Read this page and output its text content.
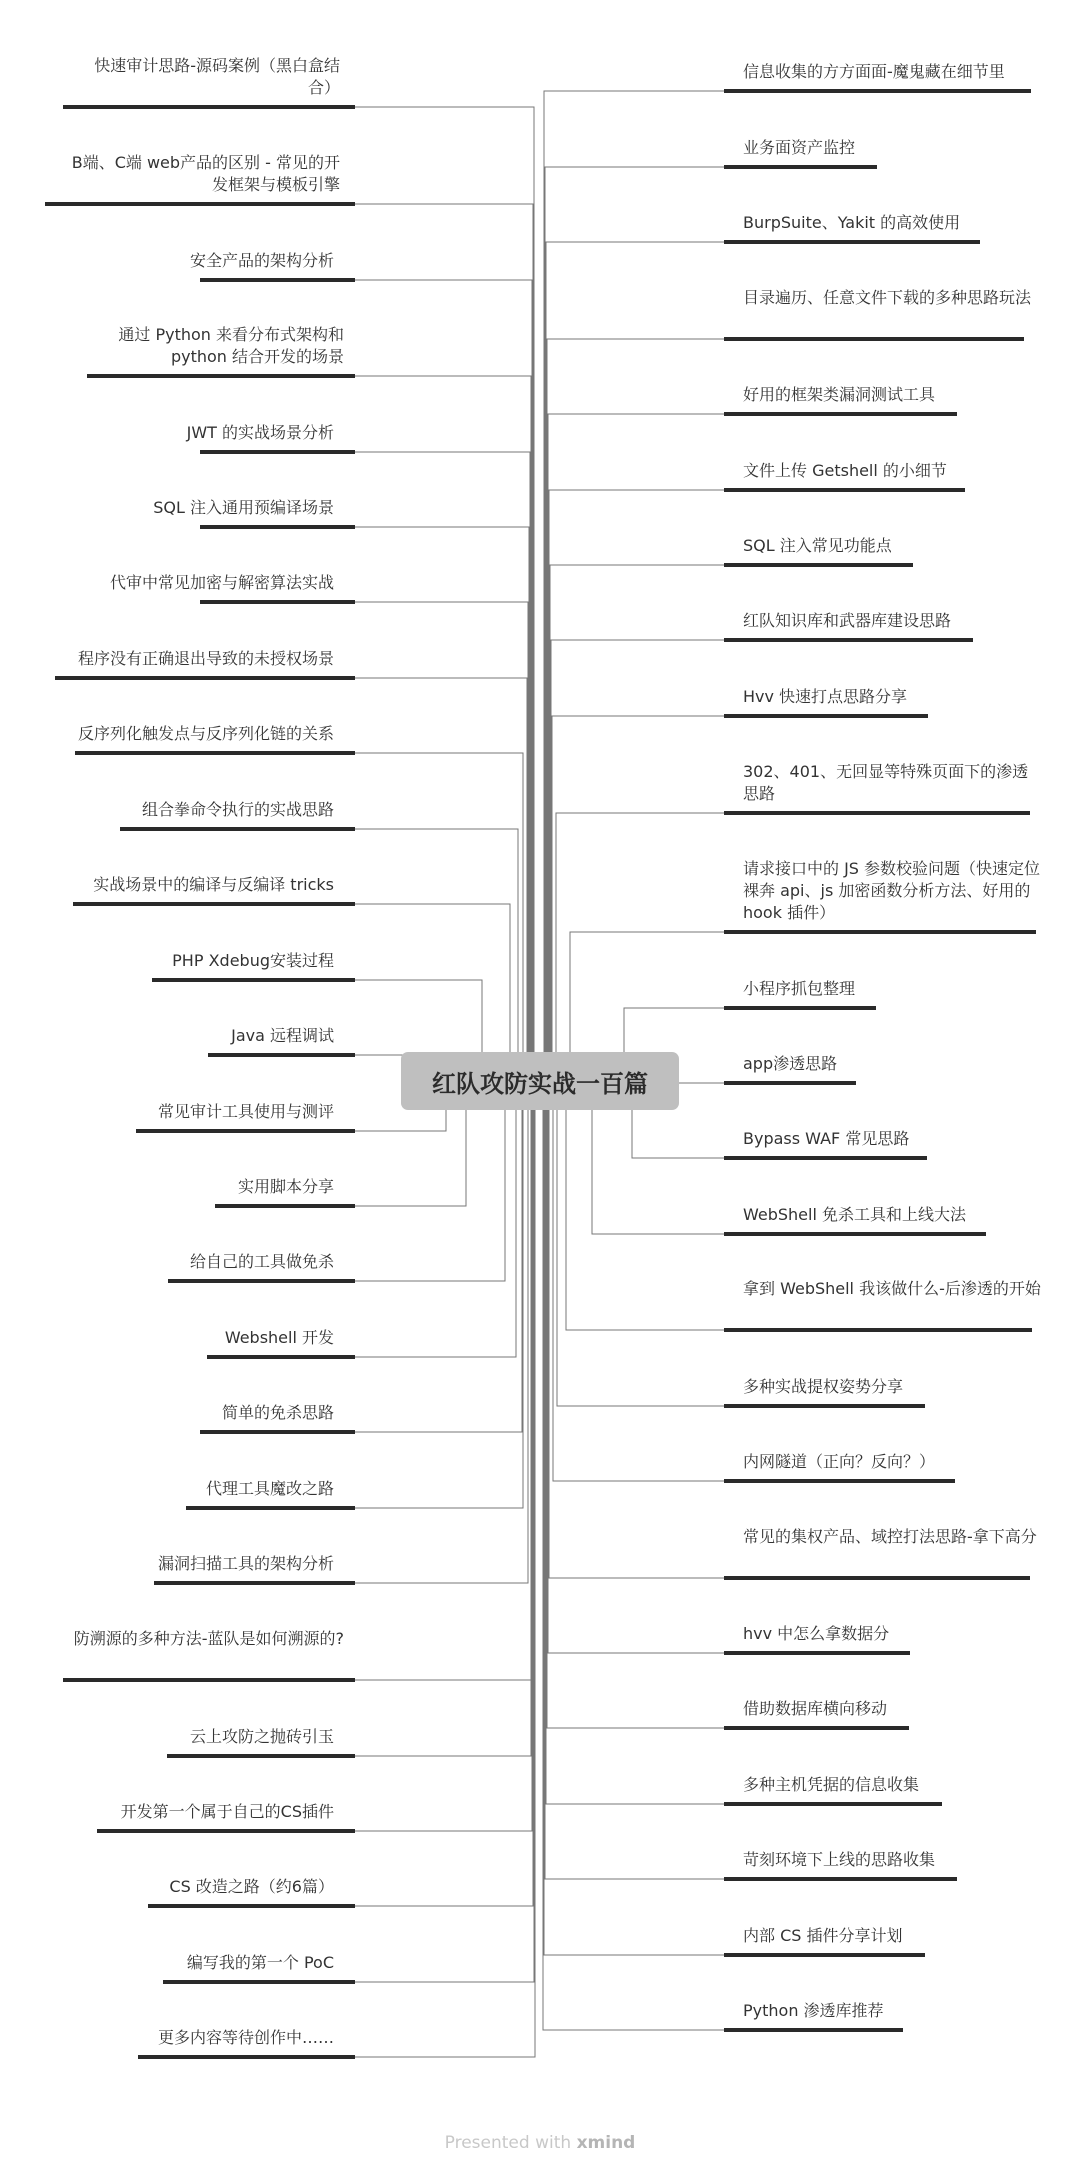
红队攻防实战一百篇
Presented with xmind
快速审计思路-源码案例（黑白盒结合）
B端、C端 web产品的区别 - 常见的开发框架与模板引擎
安全产品的架构分析
通过 Python 来看分布式架构和 python 结合开发的场景
JWT 的实战场景分析
SQL 注入通用预编译场景
代审中常见加密与解密算法实战
程序没有正确退出导致的未授权场景
反序列化触发点与反序列化链的关系
组合拳命令执行的实战思路
实战场景中的编译与反编译 tricks
PHP Xdebug安装过程
Java 远程调试
常见审计工具使用与测评
实用脚本分享
给自己的工具做免杀
Webshell 开发
简单的免杀思路
代理工具魔改之路
漏洞扫描工具的架构分析
防溯源的多种方法-蓝队是如何溯源的?
云上攻防之抛砖引玉
开发第一个属于自己的CS插件
CS 改造之路（约6篇）
编写我的第一个 PoC
更多内容等待创作中……
信息收集的方方面面-魔鬼藏在细节里
业务面资产监控
BurpSuite、Yakit 的高效使用
目录遍历、任意文件下载的多种思路玩法
好用的框架类漏洞测试工具
文件上传 Getshell 的小细节
SQL 注入常见功能点
红队知识库和武器库建设思路
Hvv 快速打点思路分享
302、401、无回显等特殊页面下的渗透思路
请求接口中的 JS 参数校验问题（快速定位裸奔 api、js 加密函数分析方法、好用的 hook 插件）
小程序抓包整理
app渗透思路
Bypass WAF 常见思路
WebShell 免杀工具和上线大法
拿到 WebShell 我该做什么-后渗透的开始
多种实战提权姿势分享
内网隧道（正向？反向？）
常见的集权产品、域控打法思路-拿下高分
hvv 中怎么拿数据分
借助数据库横向移动
多种主机凭据的信息收集
苛刻环境下上线的思路收集
内部 CS 插件分享计划
Python 渗透库推荐
